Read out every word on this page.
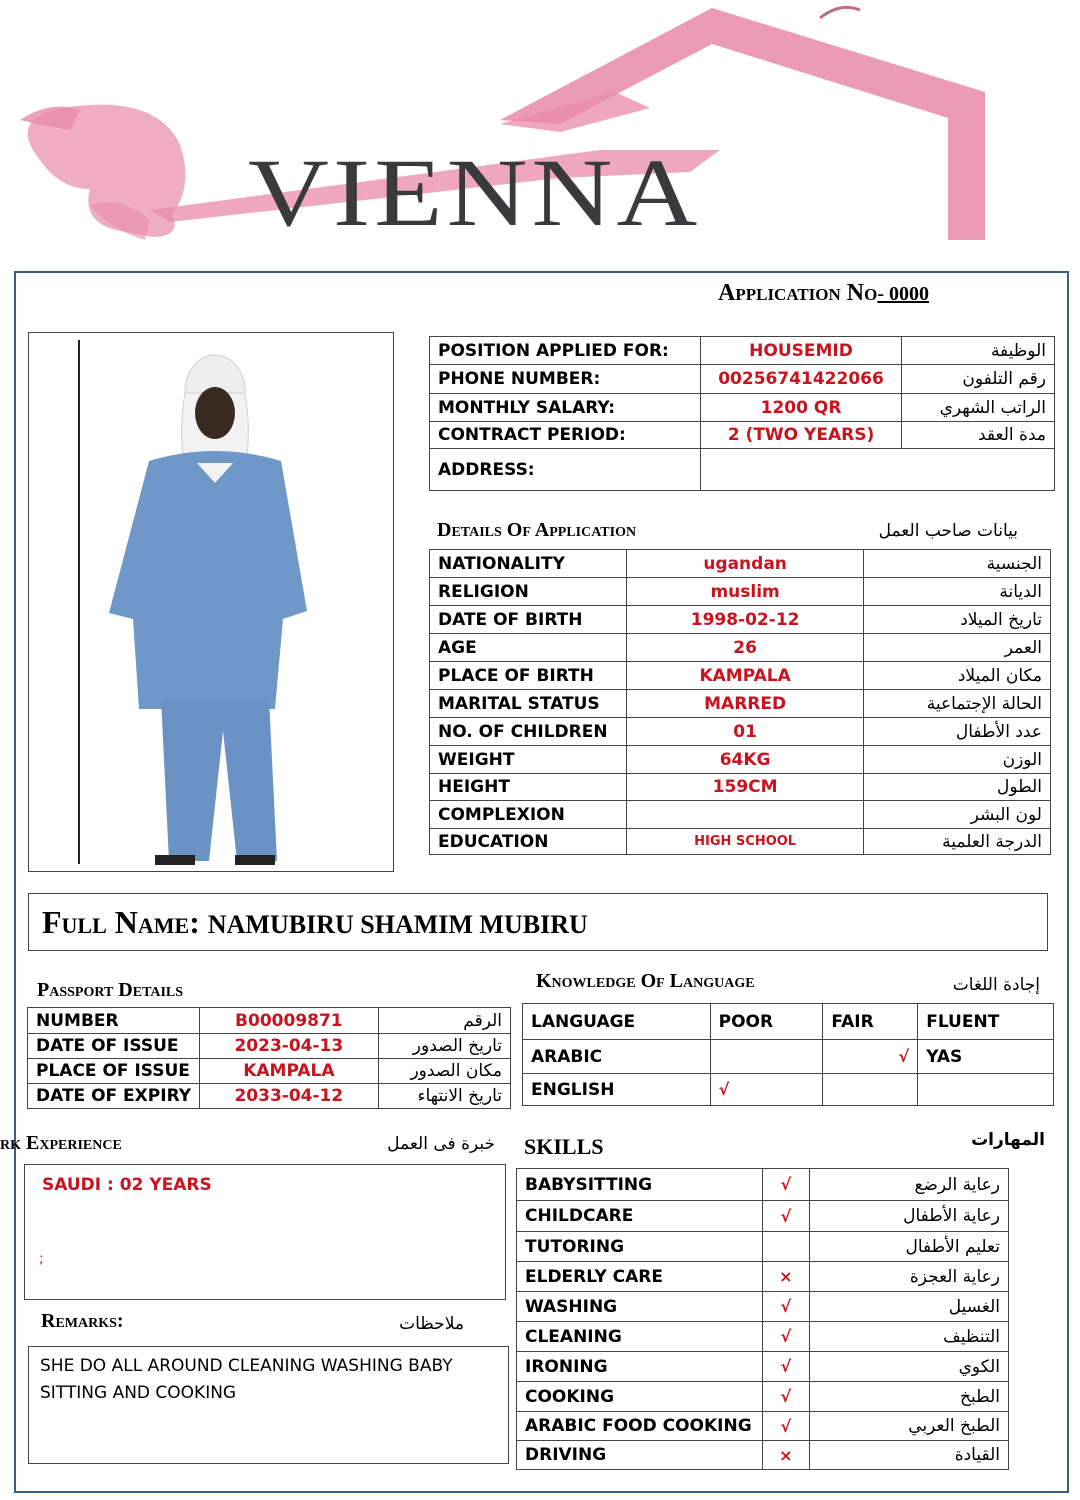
VIENNA
Application No- 0000
POSITION APPLIED FOR:	HOUSEMID	الوظيفة
PHONE NUMBER:	00256741422066	رقم التلفون
MONTHLY SALARY:	1200 QR	الراتب الشهري
CONTRACT PERIOD:	2 (TWO YEARS)	مدة العقد
ADDRESS:		
Details Of Application	بيانات صاحب العمل
NATIONALITY	ugandan	الجنسية
RELIGION	muslim	الديانة
DATE OF BIRTH	1998-02-12	تاريخ الميلاد
AGE	26	العمر
PLACE OF BIRTH	KAMPALA	مكان الميلاد
MARITAL STATUS	MARRED	الحالة الإجتماعية
NO. OF CHILDREN	01	عدد الأطفال
WEIGHT	64KG	الوزن
HEIGHT	159CM	الطول
COMPLEXION		لون البشر
EDUCATION	HIGH SCHOOL	الدرجة العلمية
Full Name: NAMUBIRU SHAMIM MUBIRU
Passport Details
NUMBER	B00009871	الرقم
DATE OF ISSUE	2023-04-13	تاريخ الصدور
PLACE OF ISSUE	KAMPALA	مكان الصدور
DATE OF EXPIRY	2033-04-12	تاريخ الانتهاء
Knowledge Of Language	إجادة اللغات
LANGUAGE	POOR	FAIR	FLUENT
ARABIC		√	YAS
ENGLISH	√		
rk Experience	خبرة فى العمل
SAUDI : 02 YEARS
;
Remarks:	ملاحظات
SHE DO ALL AROUND CLEANING WASHING BABY
SITTING AND COOKING
SKILLS	المهارات
BABYSITTING	√	رعاية الرضع
CHILDCARE	√	رعاية الأطفال
TUTORING		تعليم الأطفال
ELDERLY CARE	×	رعاية العجزة
WASHING	√	الغسيل
CLEANING	√	التنظيف
IRONING	√	الكوي
COOKING	√	الطبخ
ARABIC FOOD COOKING	√	الطبخ العربي
DRIVING	×	القيادة
